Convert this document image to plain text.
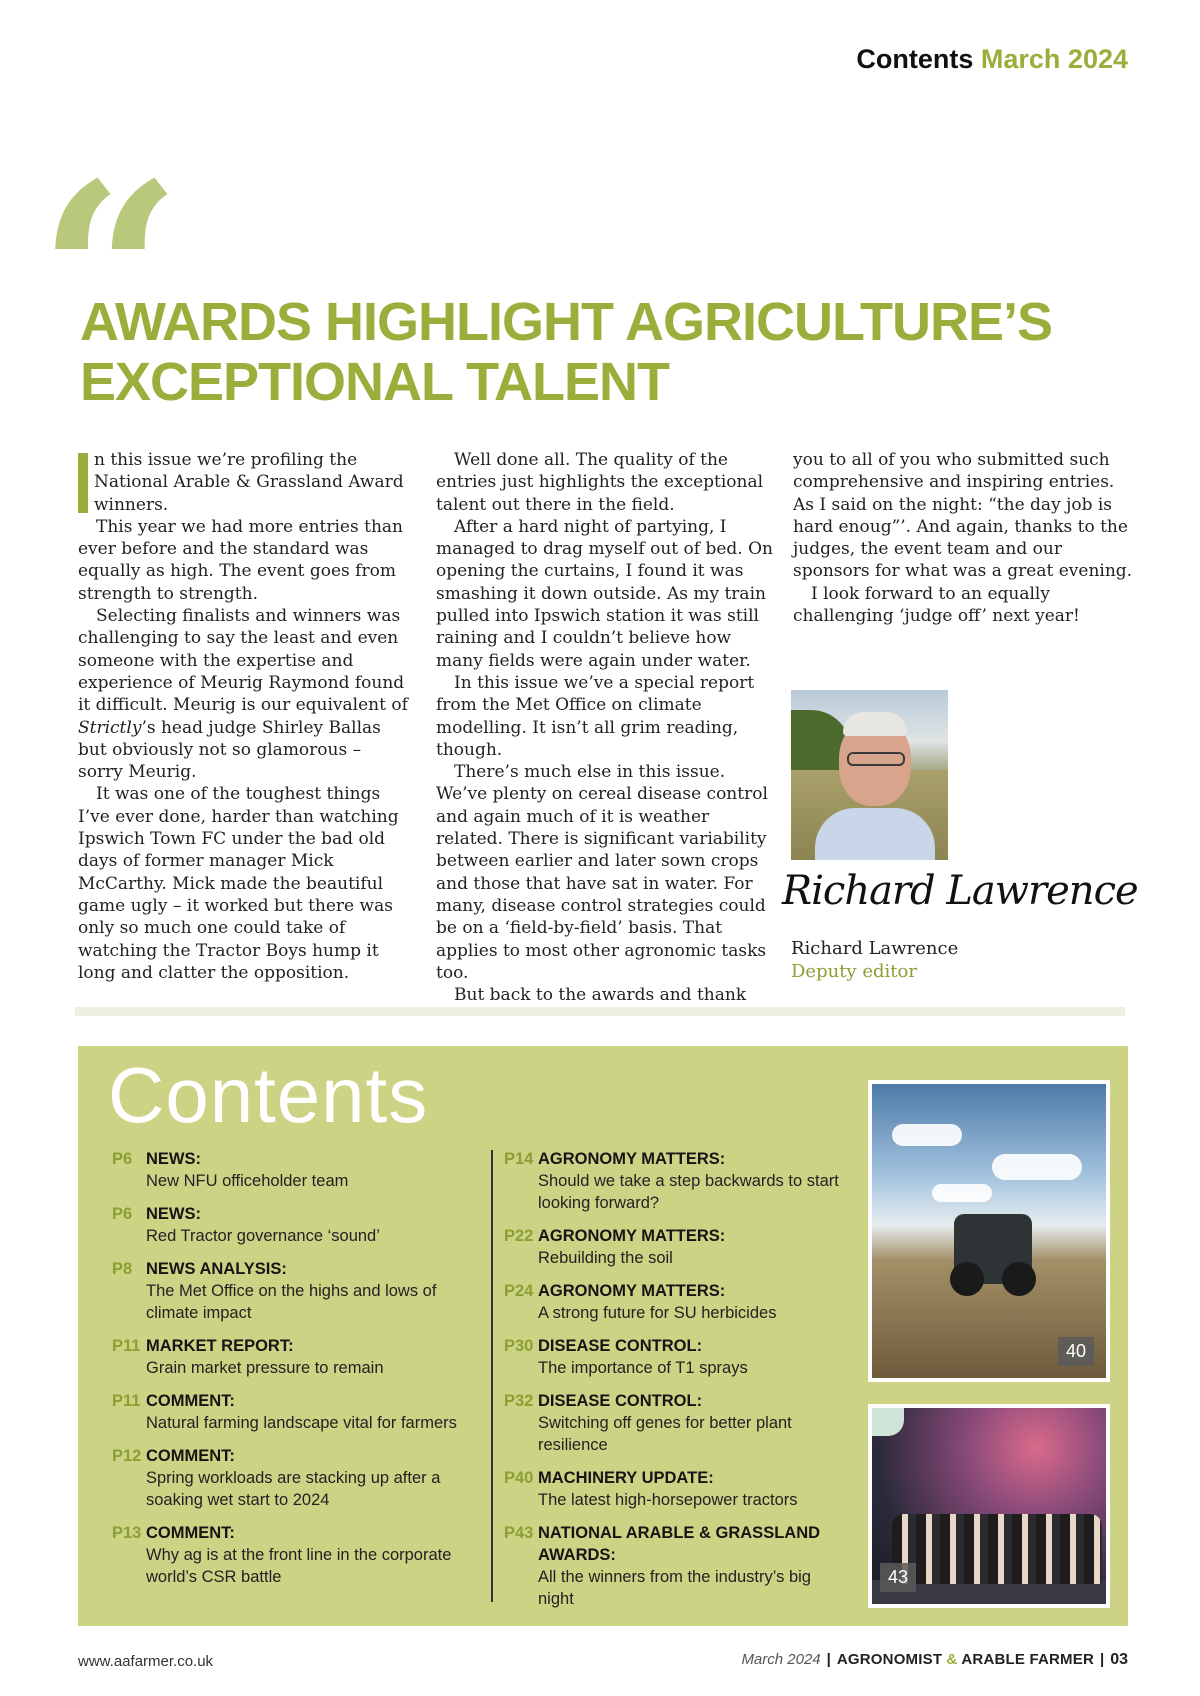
Contents March 2024
“
AWARDS HIGHLIGHT AGRICULTURE’S EXCEPTIONAL TALENT

n this issue we’re profiling the National Arable & Grassland Award winners.

This year we had more entries than ever before and the standard was equally as high. The event goes from strength to strength.

Selecting finalists and winners was challenging to say the least and even someone with the expertise and experience of Meurig Raymond found it difficult. Meurig is our equivalent of Strictly’s head judge Shirley Ballas but obviously not so glamorous – sorry Meurig.

It was one of the toughest things I’ve ever done, harder than watching Ipswich Town FC under the bad old days of former manager Mick McCarthy. Mick made the beautiful game ugly – it worked but there was only so much one could take of watching the Tractor Boys hump it long and clatter the opposition.

Well done all. The quality of the entries just highlights the exceptional talent out there in the field.

After a hard night of partying, I managed to drag myself out of bed. On opening the curtains, I found it was smashing it down outside. As my train pulled into Ipswich station it was still raining and I couldn’t believe how many fields were again under water.

In this issue we’ve a special report from the Met Office on climate modelling. It isn’t all grim reading, though.

There’s much else in this issue. We’ve plenty on cereal disease control and again much of it is weather related. There is significant variability between earlier and later sown crops and those that have sat in water. For many, disease control strategies could be on a ‘field-by-field’ basis. That applies to most other agronomic tasks too.

But back to the awards and thank

you to all of you who submitted such comprehensive and inspiring entries. As I said on the night: “the day job is hard enoug”’. And again, thanks to the judges, the event team and our sponsors for what was a great evening.

I look forward to an equally challenging ‘judge off’ next year!

Richard Lawrence
Richard Lawrence
Deputy editor
Contents
P6 NEWS:
New NFU officeholder team
P6 NEWS:
Red Tractor governance ‘sound’
P8 NEWS ANALYSIS:
The Met Office on the highs and lows of climate impact
P11 MARKET REPORT:
Grain market pressure to remain
P11 COMMENT:
Natural farming landscape vital for farmers
P12 COMMENT:
Spring workloads are stacking up after a soaking wet start to 2024
P13 COMMENT:
Why ag is at the front line in the corporate world’s CSR battle
P14 AGRONOMY MATTERS:
Should we take a step backwards to start looking forward?
P22 AGRONOMY MATTERS:
Rebuilding the soil
P24 AGRONOMY MATTERS:
A strong future for SU herbicides
P30 DISEASE CONTROL:
The importance of T1 sprays
P32 DISEASE CONTROL:
Switching off genes for better plant resilience
P40 MACHINERY UPDATE:
The latest high-horsepower tractors
P43 NATIONAL ARABLE & GRASSLAND AWARDS:
All the winners from the industry’s big night
40
43
www.aafarmer.co.uk	March 2024 | AGRONOMIST & ARABLE FARMER | 03
